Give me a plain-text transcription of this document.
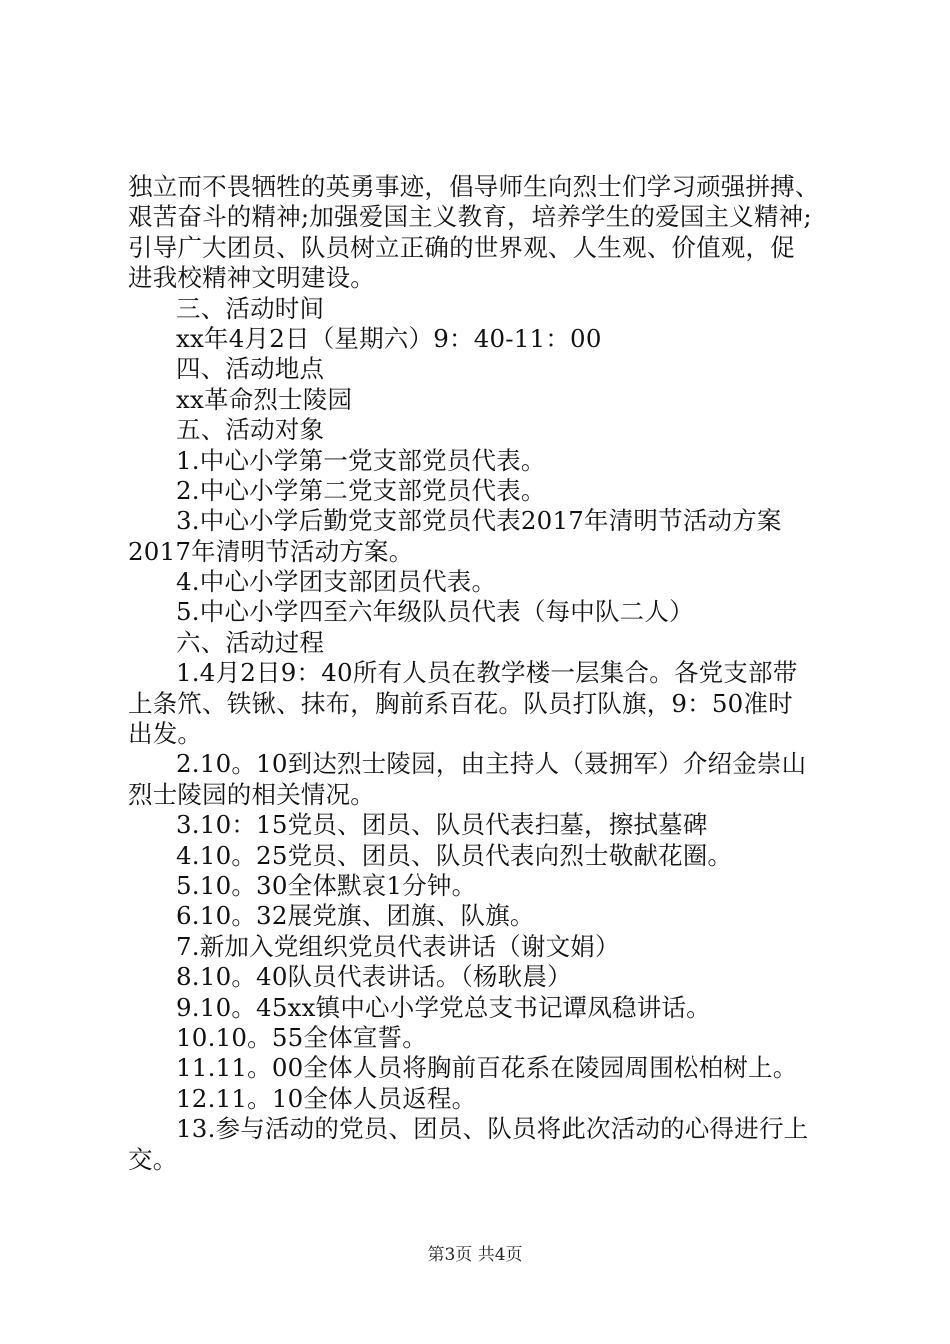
独立而不畏牺牲的英勇事迹，倡导师生向烈士们学习顽强拼搏、
艰苦奋斗的精神;加强爱国主义教育，培养学生的爱国主义精神;
引导广大团员、队员树立正确的世界观、人生观、价值观，促
进我校精神文明建设。
三、活动时间
xx年4月2日（星期六）9：40-11：00
四、活动地点
xx革命烈士陵园
五、活动对象
1.中心小学第一党支部党员代表。
2.中心小学第二党支部党员代表。
3.中心小学后勤党支部党员代表2017年清明节活动方案
2017年清明节活动方案。
4.中心小学团支部团员代表。
5.中心小学四至六年级队员代表（每中队二人）
六、活动过程
1.4月2日9：40所有人员在教学楼一层集合。各党支部带
上条笊、铁锹、抹布，胸前系百花。队员打队旗，9：50准时
出发。
2.10。10到达烈士陵园，由主持人（聂拥军）介绍金崇山
烈士陵园的相关情况。
3.10：15党员、团员、队员代表扫墓，擦拭墓碑
4.10。25党员、团员、队员代表向烈士敬献花圈。
5.10。30全体默哀1分钟。
6.10。32展党旗、团旗、队旗。
7.新加入党组织党员代表讲话（谢文娟）
8.10。40队员代表讲话。（杨耿晨）
9.10。45xx镇中心小学党总支书记谭凤稳讲话。
10.10。55全体宣誓。
11.11。00全体人员将胸前百花系在陵园周围松柏树上。
12.11。10全体人员返程。
13.参与活动的党员、团员、队员将此次活动的心得进行上
交。
第3页 共4页
